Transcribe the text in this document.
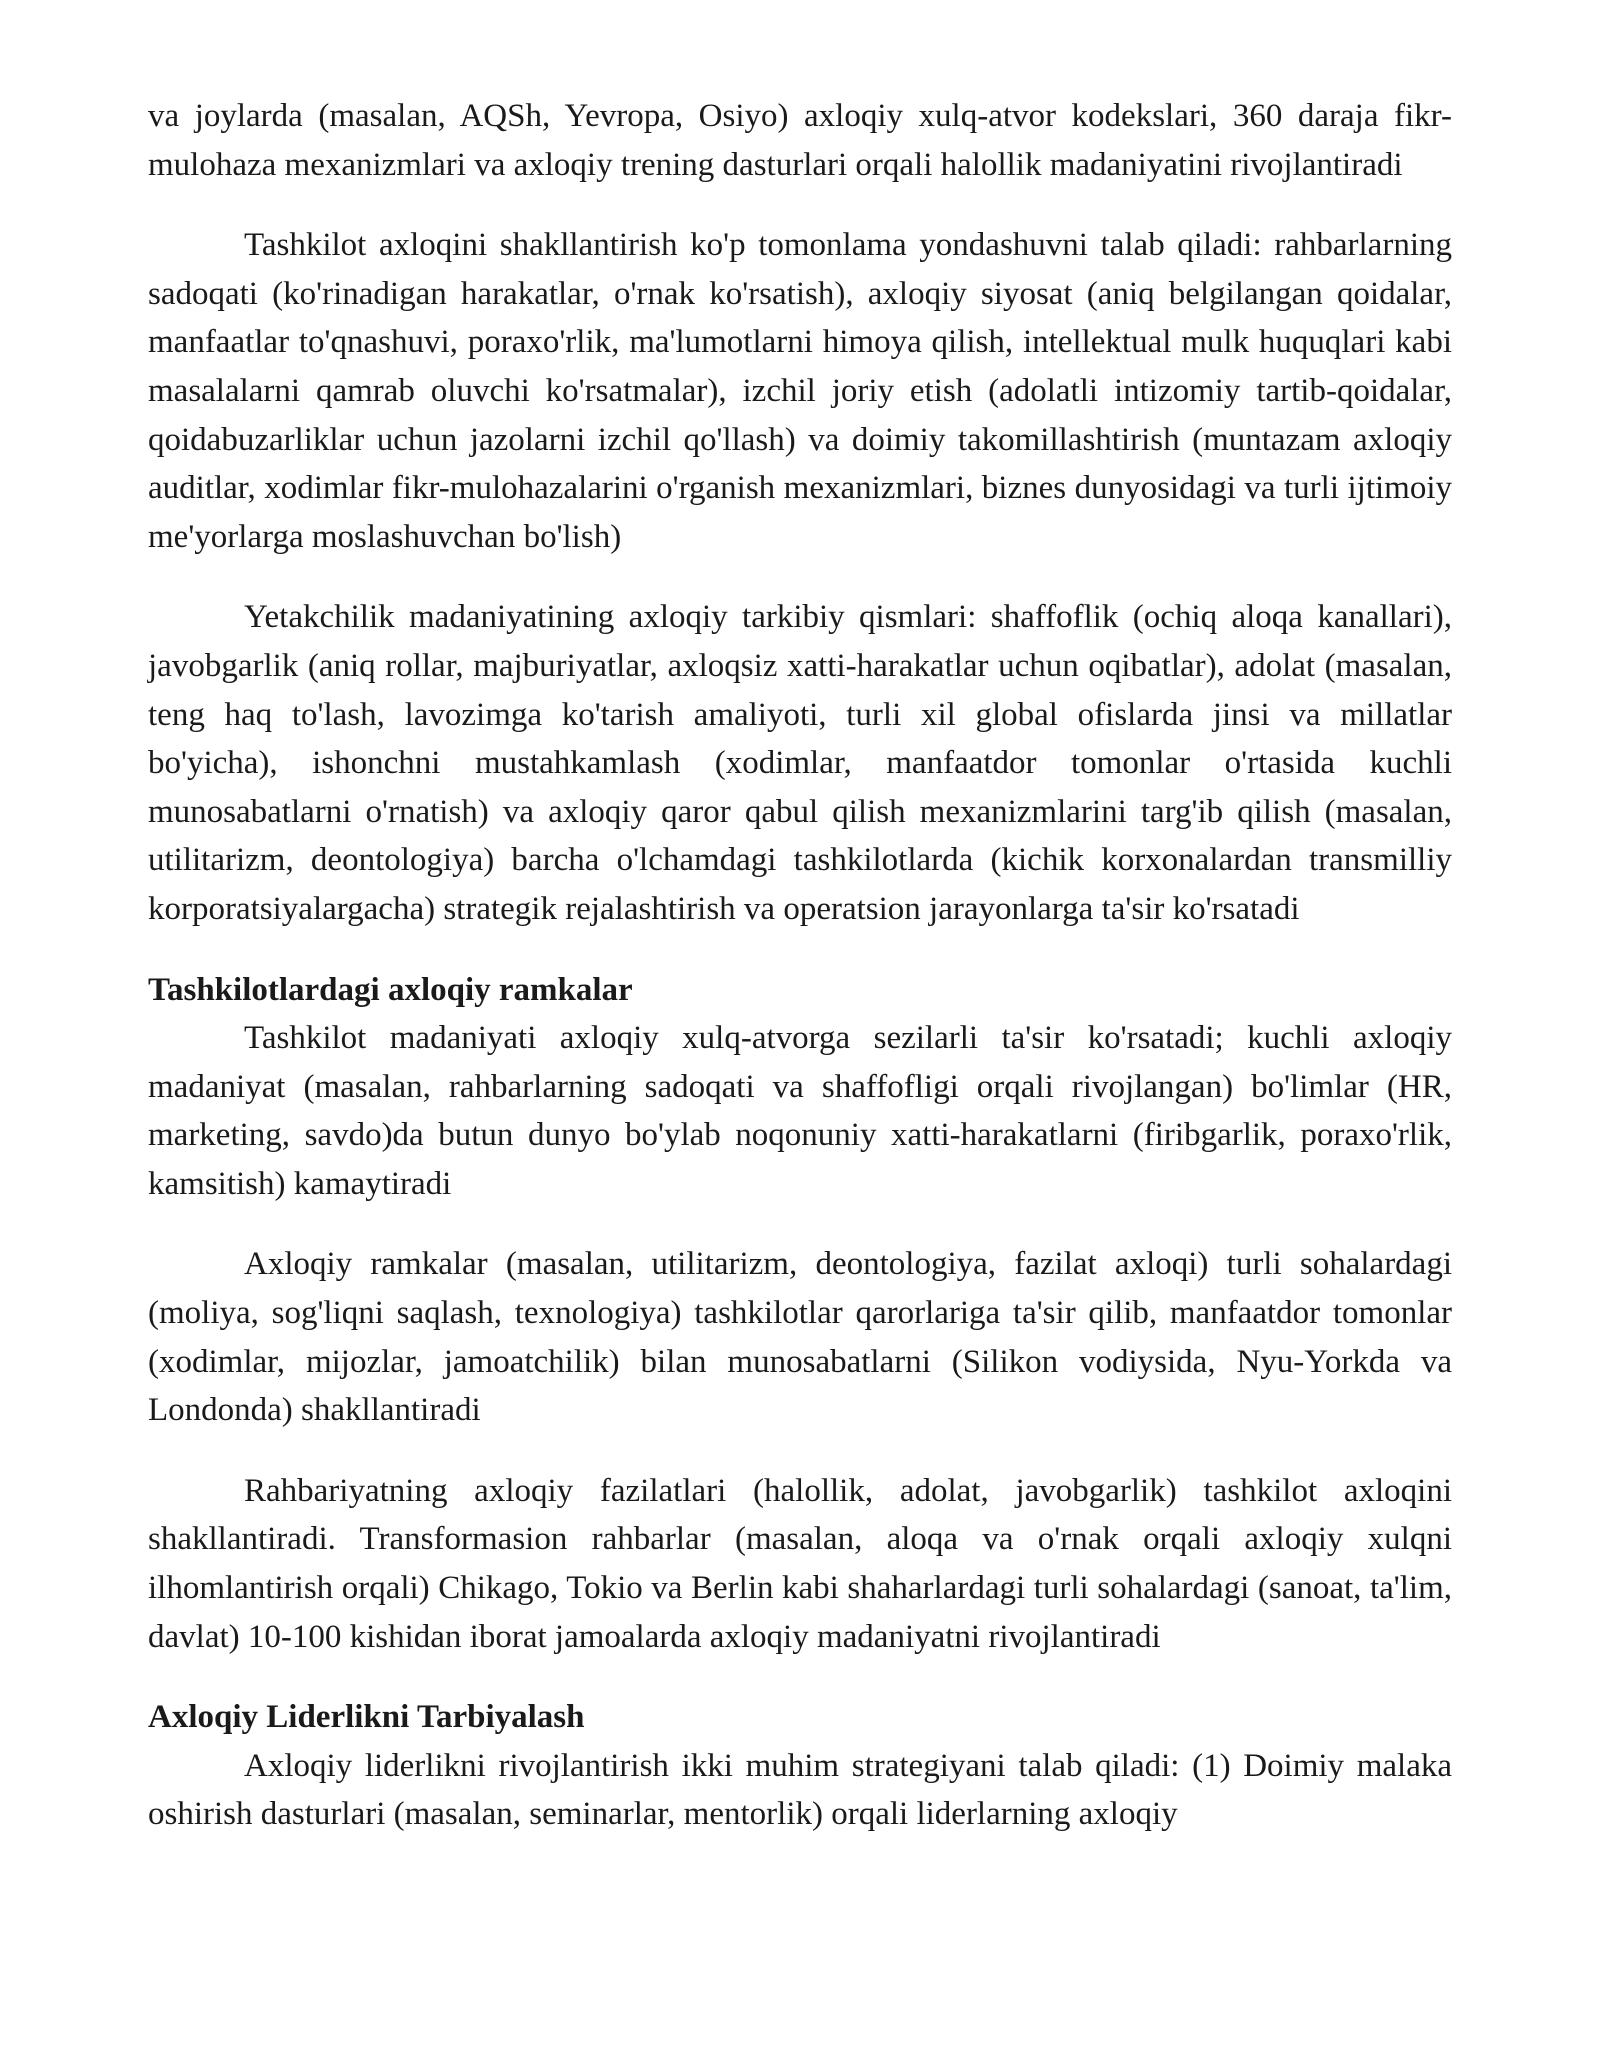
va joylarda (masalan, AQSh, Yevropa, Osiyo) axloqiy xulq-atvor kodekslari, 360 daraja fikr-mulohaza mexanizmlari va axloqiy trening dasturlari orqali halollik madaniyatini rivojlantiradi

Tashkilot axloqini shakllantirish ko'p tomonlama yondashuvni talab qiladi: rahbarlarning sadoqati (ko'rinadigan harakatlar, o'rnak ko'rsatish), axloqiy siyosat (aniq belgilangan qoidalar, manfaatlar to'qnashuvi, poraxo'rlik, ma'lumotlarni himoya qilish, intellektual mulk huquqlari kabi masalalarni qamrab oluvchi ko'rsatmalar), izchil joriy etish (adolatli intizomiy tartib-qoidalar, qoidabuzarliklar uchun jazolarni izchil qo'llash) va doimiy takomillashtirish (muntazam axloqiy auditlar, xodimlar fikr-mulohazalarini o'rganish mexanizmlari, biznes dunyosidagi va turli ijtimoiy me'yorlarga moslashuvchan bo'lish)

Yetakchilik madaniyatining axloqiy tarkibiy qismlari: shaffoflik (ochiq aloqa kanallari), javobgarlik (aniq rollar, majburiyatlar, axloqsiz xatti-harakatlar uchun oqibatlar), adolat (masalan, teng haq to'lash, lavozimga ko'tarish amaliyoti, turli xil global ofislarda jinsi va millatlar bo'yicha), ishonchni mustahkamlash (xodimlar, manfaatdor tomonlar o'rtasida kuchli munosabatlarni o'rnatish) va axloqiy qaror qabul qilish mexanizmlarini targ'ib qilish (masalan, utilitarizm, deontologiya) barcha o'lchamdagi tashkilotlarda (kichik korxonalardan transmilliy korporatsiyalargacha) strategik rejalashtirish va operatsion jarayonlarga ta'sir ko'rsatadi

Tashkilotlardagi axloqiy ramkalar

Tashkilot madaniyati axloqiy xulq-atvorga sezilarli ta'sir ko'rsatadi; kuchli axloqiy madaniyat (masalan, rahbarlarning sadoqati va shaffofligi orqali rivojlangan) bo'limlar (HR, marketing, savdo)da butun dunyo bo'ylab noqonuniy xatti-harakatlarni (firibgarlik, poraxo'rlik, kamsitish) kamaytiradi

Axloqiy ramkalar (masalan, utilitarizm, deontologiya, fazilat axloqi) turli sohalardagi (moliya, sog'liqni saqlash, texnologiya) tashkilotlar qarorlariga ta'sir qilib, manfaatdor tomonlar (xodimlar, mijozlar, jamoatchilik) bilan munosabatlarni (Silikon vodiysida, Nyu-Yorkda va Londonda) shakllantiradi

Rahbariyatning axloqiy fazilatlari (halollik, adolat, javobgarlik) tashkilot axloqini shakllantiradi. Transformasion rahbarlar (masalan, aloqa va o'rnak orqali axloqiy xulqni ilhomlantirish orqali) Chikago, Tokio va Berlin kabi shaharlardagi turli sohalardagi (sanoat, ta'lim, davlat) 10-100 kishidan iborat jamoalarda axloqiy madaniyatni rivojlantiradi

Axloqiy Liderlikni Tarbiyalash

Axloqiy liderlikni rivojlantirish ikki muhim strategiyani talab qiladi: (1) Doimiy malaka oshirish dasturlari (masalan, seminarlar, mentorlik) orqali liderlarning axloqiy
